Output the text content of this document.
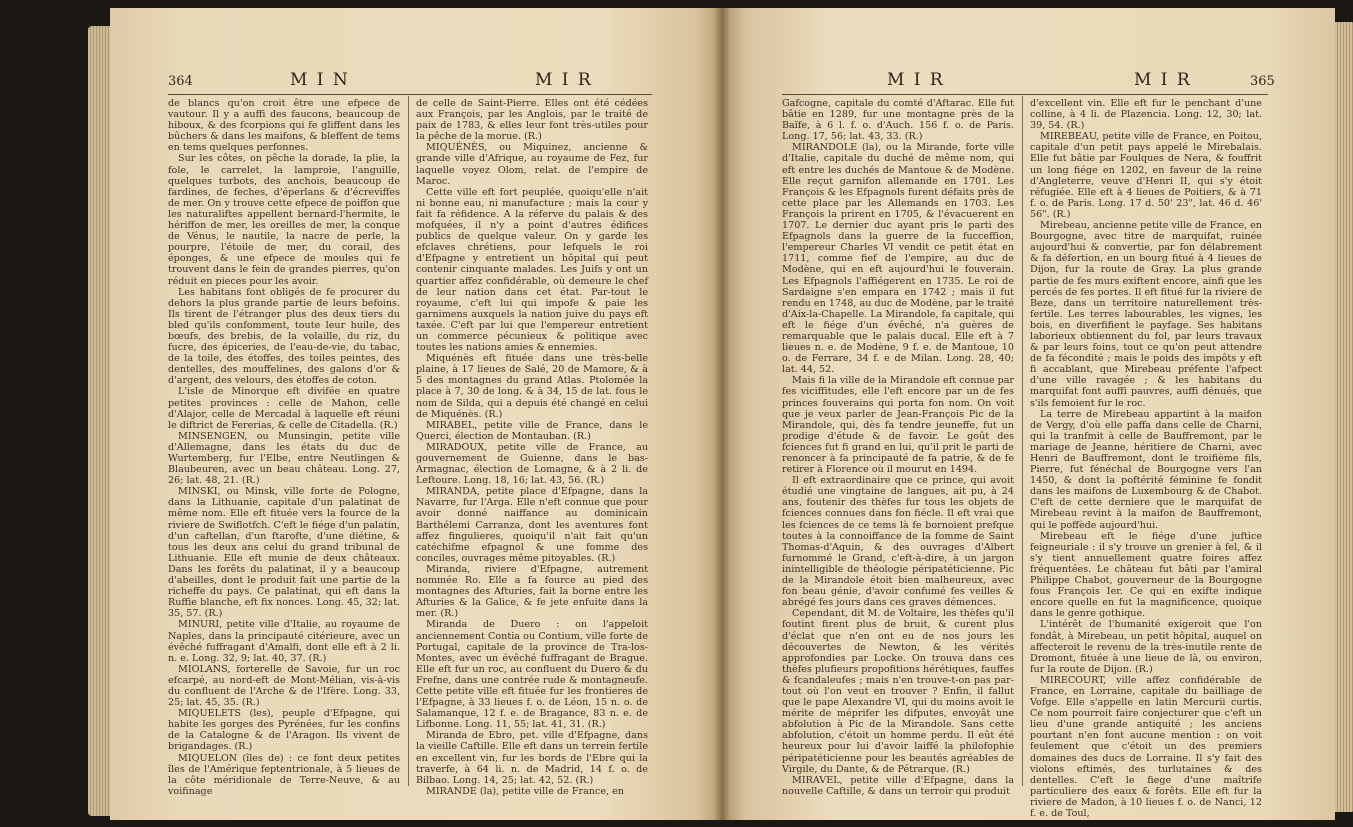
364	M I N	M I R

de blancs qu'on croit être une efpece de vautour. Il y a auffi des faucons, beaucoup de hiboux, & des fcorpions qui fe gliffent dans les bûchers & dans les maifons, & bleffent de tems en tems quelques perfonnes.

Sur les côtes, on pêche la dorade, la plie, la fole, le carrelet, la lamproie, l'anguille, quelques turbots, des anchois, beaucoup de fardines, de feches, d'éperlans & d'écreviffes de mer. On y trouve cette efpece de poiffon que les naturaliftes appellent bernard-l'hermite, le hériffon de mer, les oreilles de mer, la conque de Vénus, le nautile, la nacre de perle, la pourpre, l'étoile de mer, du corail, des éponges, & une efpece de moules qui fe trouvent dans le fein de grandes pierres, qu'on réduit en pieces pour les avoir.

Les habitans font obligés de fe procurer du dehors la plus grande partie de leurs befoins. Ils tirent de l'étranger plus des deux tiers du bled qu'ils confomment, toute leur huile, des bœufs, des brebis, de la volaille, du riz, du fucre, des épiceries, de l'eau-de-vie, du tabac, de la toile, des étoffes, des toiles peintes, des dentelles, des mouffelines, des galons d'or & d'argent, des velours, des étoffes de coton.

L'isle de Minorque eft divifée en quatre petites provinces : celle de Mahon, celle d'Alajor, celle de Mercadal à laquelle eft réuni le diftrict de Fererias, & celle de Citadella. (R.)

MINSENGEN, ou Munsingin, petite ville d'Allemagne, dans les états du duc de Wurtemberg, fur l'Elbe, entre Neutlingen & Blaubeuren, avec un beau château. Long. 27, 26; lat. 48, 21. (R.)

MINSKI, ou Minsk, ville forte de Pologne, dans la Lithuanie, capitale d'un palatinat de même nom. Elle eft fituée vers la fource de la riviere de Swiflotfch. C'eft le fiége d'un palatin, d'un caftellan, d'un ftarofte, d'une diétine, & tous les deux ans celui du grand tribunal de Lithuanie. Elle eft munie de deux châteaux. Dans les forêts du palatinat, il y a beaucoup d'abeilles, dont le produit fait une partie de la richeffe du pays. Ce palatinat, qui eft dans la Ruffie blanche, eft fix nonces. Long. 45, 32; lat. 35, 57. (R.)

MINURI, petite ville d'Italie, au royaume de Naples, dans la principauté citérieure, avec un évêché fuffragant d'Amalfi, dont elle eft à 2 li. n. e. Long. 32, 9; lat. 40, 37. (R.)

MIOLANS, forterelle de Savoie, fur un roc efcarpé, au nord-eft de Mont-Mélian, vis-à-vis du confluent de l'Arche & de l'Ifère. Long. 33, 25; lat. 45, 35. (R.)

MIQUELETS (les), peuple d'Efpagne, qui habite les gorges des Pyrénées, fur les confins de la Catalogne & de l'Aragon. Ils vivent de brigandages. (R.)

MIQUELON (îles de) : ce font deux petites îles de l'Amérique feptentrionale, à 5 lieues de la côte méridionale de Terre-Neuve, & au voifinage

de celle de Saint-Pierre. Elles ont été cédées aux François, par les Anglois, par le traité de paix de 1783, & elles leur font très-utiles pour la pêche de la morue. (R.)

MIQUÉNÈS, ou Miquinez, ancienne & grande ville d'Afrique, au royaume de Fez, fur laquelle voyez Olom, relat. de l'empire de Maroc.

Cette ville eft fort peuplée, quoiqu'elle n'ait ni bonne eau, ni manufacture ; mais la cour y fait fa réfidence. A la réferve du palais & des mofquées, il n'y a point d'autres édifices publics de quelque valeur. On y garde les efclaves chrétiens, pour lefquels le roi d'Efpagne y entretient un hôpital qui peut contenir cinquante malades. Les Juifs y ont un quartier affez confidérable, où demeure le chef de leur nation dans cet état. Par-tout le royaume, c'eft lui qui impofe & paie les garnimens auxquels la nation juive du pays eft taxée. C'eft par lui que l'empereur entretient un commerce pécunieux & politique avec toutes les nations amies & ennemies.

Miquénès eft fituée dans une très-belle plaine, à 17 lieues de Salé, 20 de Mamore, & à 5 des montagnes du grand Atlas. Ptolomée la place à 7, 30 de long. & à 34, 15 de lat. fous le nom de Silda, qui a depuis été changé en celui de Miquénès. (R.)

MIRABEL, petite ville de France, dans le Querci, élection de Montauban. (R.)

MIRADOUX, petite ville de France, au gouvernement de Guienne, dans le bas-Armagnac, élection de Lomagne, & à 2 li. de Leftoure. Long. 18, 16; lat. 43, 56. (R.)

MIRANDA, petite place d'Efpagne, dans la Navarre, fur l'Arga. Elle n'eft connue que pour avoir donné naiffance au dominicain Barthélemi Carranza, dont les aventures font affez fingulieres, quoiqu'il n'ait fait qu'un catéchifme efpagnol & une fomme des conciles, ouvrages même pitoyables. (R.)

Miranda, riviere d'Efpagne, autrement nommée Ro. Elle a fa fource au pied des montagnes des Afturies, fait la borne entre les Afturies & la Galice, & fe jete enfuite dans la mer. (R.)

Miranda de Duero : on l'appeloit anciennement Contia ou Contium, ville forte de Portugal, capitale de la province de Tra-los-Montes, avec un évêché fuffragant de Brague. Elle eft fur un roc, au confluent du Duero & du Frefne, dans une contrée rude & montagneufe. Cette petite ville eft fituée fur les frontieres de l'Efpagne, à 33 lieues f. o. de Léon, 15 n. o. de Salamanque, 12 f. e. de Bragance, 83 n. e. de Lifbonne. Long. 11, 55; lat. 41, 31. (R.)

Miranda de Ebro, pet. ville d'Efpagne, dans la vieille Caftille. Elle eft dans un terrein fertile en excellent vin, fur les bords de l'Ebre qui la traverfe, à 64 li. n. de Madrid, 14 f. o. de Bilbao. Long. 14, 25; lat. 42, 52. (R.)

MIRANDE (la), petite ville de France, en

M I R	M I R	365

Gafcogne, capitale du comté d'Aftarac. Elle fut bâtie en 1289, fur une montagne près de la Baïfe, à 6 l. f. o. d'Auch. 156 f. o. de Paris. Long. 17, 56; lat. 43, 33. (R.)

MIRANDOLE (la), ou la Mirande, forte ville d'Italie, capitale du duché de même nom, qui eft entre les duchés de Mantoue & de Modène. Elle reçut garnifon allemande en 1701. Les François & les Efpagnols furent défaits près de cette place par les Allemands en 1703. Les François la prirent en 1705, & l'évacuerent en 1707. Le dernier duc ayant pris le parti des Efpagnols dans la guerre de la fucceffion, l'empereur Charles VI vendit ce petit état en 1711, comme fief de l'empire, au duc de Modène, qui en eft aujourd'hui le fouverain. Les Efpagnols l'affiégerent en 1735. Le roi de Sardaigne s'en empara en 1742 ; mais il fut rendu en 1748, au duc de Modène, par le traité d'Aix-la-Chapelle. La Mirandole, fa capitale, qui eft le fiége d'un évêché, n'a guères de remarquable que le palais ducal. Elle eft à 7 lieues n. e. de Modène, 9 f. e. de Mantoue, 10 o. de Ferrare, 34 f. e de Milan. Long. 28, 40; lat. 44, 52.

Mais fi la ville de la Mirandole eft connue par fes viciffitudes, elle l'eft encore par un de fes princes fouverains qui porta fon nom. On voit que je veux parler de Jean-François Pic de la Mirandole, qui, dès fa tendre jeuneffe, fut un prodige d'étude & de favoir. Le goût des fciences fut fi grand en lui, qu'il prit le parti de renoncer à fa principauté de fa patrie, & de fe retirer à Florence où il mourut en 1494.

Il eft extraordinaire que ce prince, qui avoit étudié une vingtaine de langues, ait pu, à 24 ans, foutenir des thèfes fur tous les objets de fciences connues dans fon fiécle. Il eft vrai que les fciences de ce tems là fe bornoient prefque toutes à la connoiffance de la fomme de Saint Thomas-d'Aquin, & des ouvrages d'Albert furnommé le Grand, c'eft-à-dire, à un jargon inintelligible de théologie péripatéticienne. Pic de la Mirandole étoit bien malheureux, avec fon beau génie, d'avoir confumé fes veilles & abrégé fes jours dans ces graves démences.

Cependant, dit M. de Voltaire, les thèfes qu'il foutint firent plus de bruit, & curent plus d'éclat que n'en ont eu de nos jours les découvertes de Newton, & les vérités approfondies par Locke. On trouva dans ces thèfes plufieurs propofitions hérétiques, fauffes & fcandaleufes ; mais n'en trouve-t-on pas par-tout où l'on veut en trouver ? Enfin, il fallut que le pape Alexandre VI, qui du moins avoit le mérite de méprifer les difputes, envoyât une abfolution à Pic de la Mirandole. Sans cette abfolution, c'étoit un homme perdu. Il eût été heureux pour lui d'avoir laiffé la philofophie péripatéticienne pour les beautés agréables de Virgile, du Dante, & de Pétrarque. (R.)

MIRAVEL, petite ville d'Efpagne, dans la nouvelle Caftille, & dans un terroir qui produit

d'excellent vin. Elle eft fur le penchant d'une colline, à 4 li. de Plazencia. Long. 12, 30; lat. 39, 54. (R.)

MIREBEAU, petite ville de France, en Poitou, capitale d'un petit pays appelé le Mirebalais. Elle fut bâtie par Foulques de Nera, & fouffrit un long fiége en 1202, en faveur de la reine d'Angleterre, veuve d'Henri II, qui s'y étoit réfugiée. Elle eft à 4 lieues de Poitiers, & à 71 f. o. de Paris. Long. 17 d. 50' 23", lat. 46 d. 46' 56". (R.)

Mirebeau, ancienne petite ville de France, en Bourgogne, avec titre de marquifat, ruinée aujourd'hui & convertie, par fon délabrement & fa défertion, en un bourg fitué à 4 lieues de Dijon, fur la route de Gray. La plus grande partie de fes murs exiftent encore, ainfi que les percés de fes portes. Il eft fitué fur la riviere de Beze, dans un territoire naturellement très-fertile. Les terres labourables, les vignes, les bois, en diverfifient le payfage. Ses habitans laborieux obtiennent du fol, par leurs travaux & par leurs foins, tout ce qu'on peut attendre de fa fécondité ; mais le poids des impôts y eft fi accablant, que Mirebeau préfente l'afpect d'une ville ravagée ; & les habitans du marquifat font auffi pauvres, auffi dénués, que s'ils femoient fur le roc.

La terre de Mirebeau appartint à la maifon de Vergy, d'où elle paffa dans celle de Charni, qui la tranfmit à celle de Bauffremont, par le mariage de Jeanne, héritiere de Charni, avec Henri de Bauffremont, dont le troifième fils, Pierre, fut fénéchal de Bourgogne vers l'an 1450, & dont la poftérité féminine fe fondit dans les maifons de Luxembourg & de Chabot. C'eft de cette derniere que le marquifat de Mirebeau revint à la maifon de Bauffremont, qui le poffède aujourd'hui.

Mirebeau eft le fiége d'une juftice feigneuriale : il s'y trouve un grenier à fel, & il s'y tient annuellement quatre foires affez fréquentées. Le château fut bâti par l'amiral Philippe Chabot, gouverneur de la Bourgogne fous François Ier. Ce qui en exifte indique encore quelle en fut la magnificence, quoique dans le genre gothique.

L'intérêt de l'humanité exigeroit que l'on fondât, à Mirebeau, un petit hôpital, auquel on affecteroit le revenu de la très-inutile rente de Dromont, fituée à une lieue de là, ou environ, fur la route de Dijon. (R.)

MIRECOURT, ville affez confidérable de France, en Lorraine, capitale du bailliage de Vofge. Elle s'appelle en latin Mercurii curtis. Ce nom pourroit faire conjecturer que c'eft un lieu d'une grande antiquité ; les anciens pourtant n'en font aucune mention : on voit feulement que c'étoit un des premiers domaines des ducs de Lorraine. Il s'y fait des violons eftimés, des turlutaines & des dentelles. C'eft le fiege d'une maîtrife particuliere des eaux & forêts. Elle eft fur la riviere de Madon, à 10 lieues f. o. de Nanci, 12 f. e. de Toul,
